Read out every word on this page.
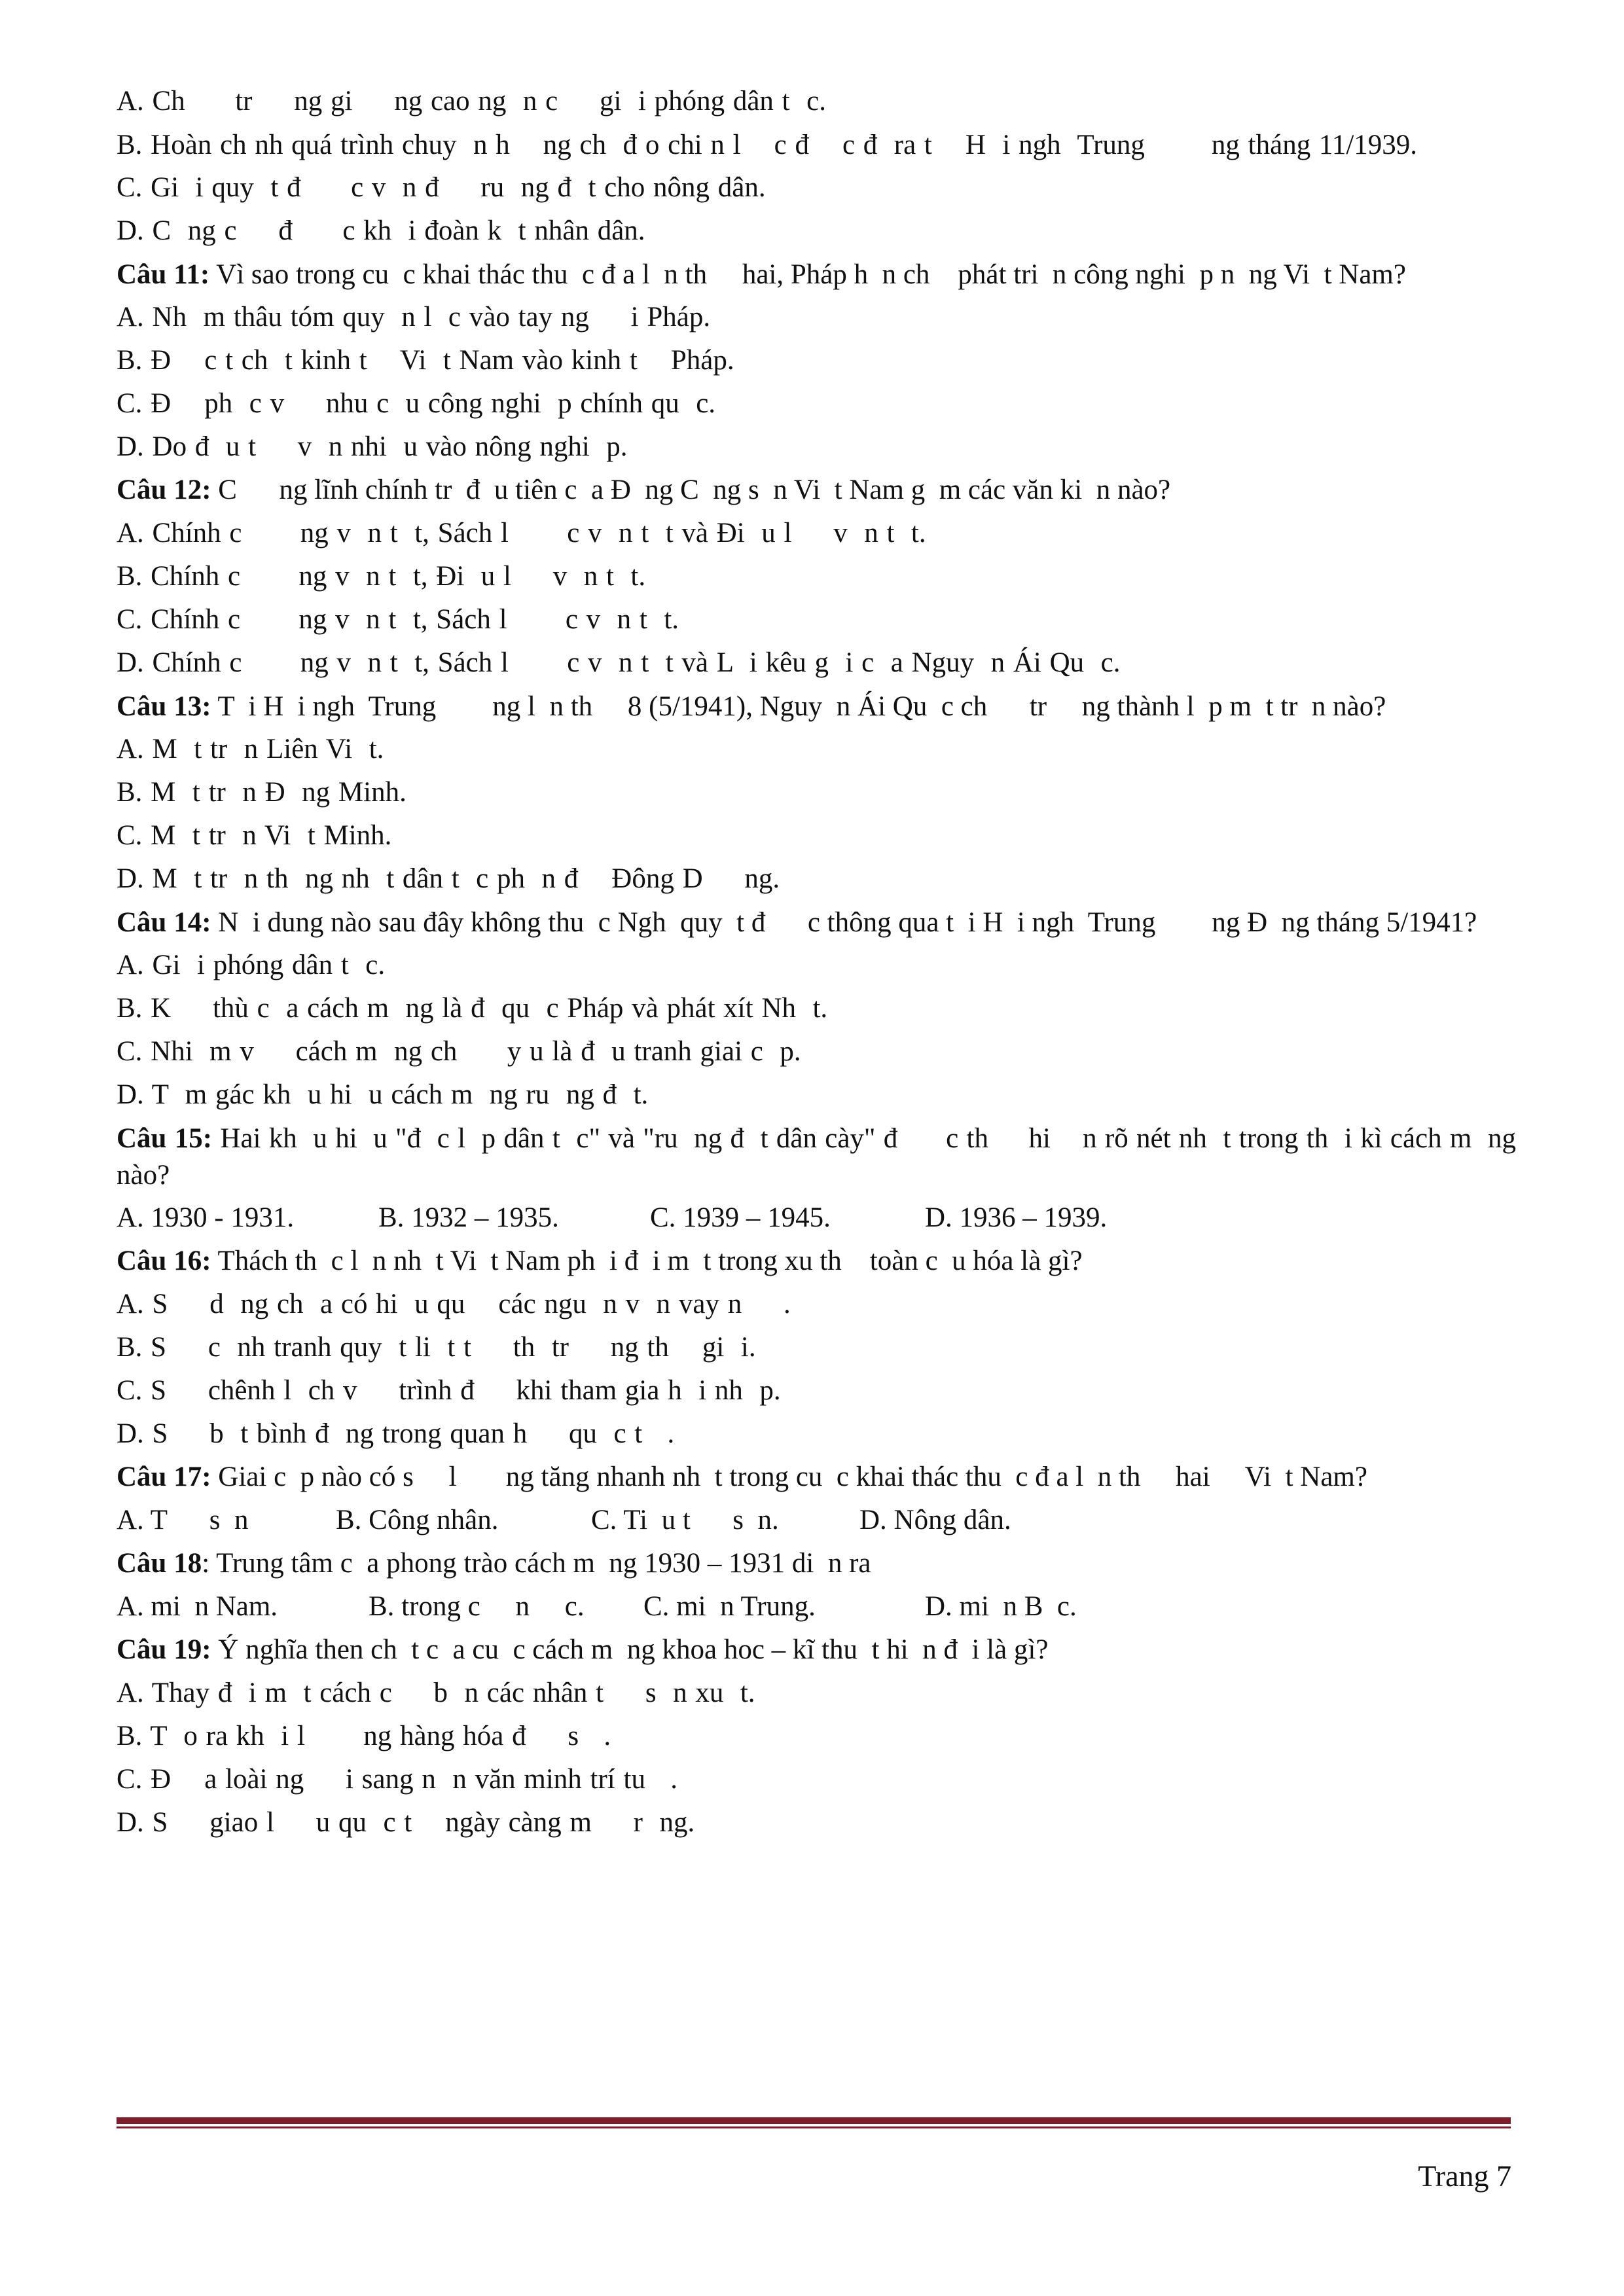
A. Ch      tr     ng gi     ng cao ng  n c     gi  i phóng dân t  c.
B. Hoàn ch nh quá trình chuy  n h    ng ch  đ o chi n l    c đ    c đ  ra t    H  i ngh  Trung        ng tháng 11/1939.
C. Gi  i quy  t đ      c v  n đ     ru  ng đ  t cho nông dân.
D. C  ng c     đ      c kh  i đoàn k  t nhân dân.
Câu 11: Vì sao trong cu  c khai thác thu  c đ a l  n th     hai, Pháp h  n ch    phát tri  n công nghi  p n  ng Vi  t Nam?
A. Nh  m thâu tóm quy  n l  c vào tay ng     i Pháp.
B. Đ    c t ch  t kinh t    Vi  t Nam vào kinh t    Pháp.
C. Đ    ph  c v     nhu c  u công nghi  p chính qu  c.
D. Do đ  u t     v  n nhi  u vào nông nghi  p.
Câu 12: C      ng lĩnh chính tr  đ  u tiên c  a Đ  ng C  ng s  n Vi  t Nam g  m các văn ki  n nào?
A. Chính c       ng v  n t  t, Sách l       c v  n t  t và Đi  u l     v  n t  t.
B. Chính c       ng v  n t  t, Đi  u l     v  n t  t.
C. Chính c       ng v  n t  t, Sách l       c v  n t  t.
D. Chính c       ng v  n t  t, Sách l       c v  n t  t và L  i kêu g  i c  a Nguy  n Ái Qu  c.
Câu 13: T  i H  i ngh  Trung        ng l  n th     8 (5/1941), Nguy  n Ái Qu  c ch      tr     ng thành l  p m  t tr  n nào?
A. M  t tr  n Liên Vi  t.
B. M  t tr  n Đ  ng Minh.
C. M  t tr  n Vi  t Minh.
D. M  t tr  n th  ng nh  t dân t  c ph  n đ    Đông D     ng.
Câu 14: N  i dung nào sau đây không thu  c Ngh  quy  t đ      c thông qua t  i H  i ngh  Trung        ng Đ  ng tháng 5/1941?
A. Gi  i phóng dân t  c.
B. K     thù c  a cách m  ng là đ  qu  c Pháp và phát xít Nh  t.
C. Nhi  m v     cách m  ng ch      y u là đ  u tranh giai c  p.
D. T  m gác kh  u hi  u cách m  ng ru  ng đ  t.
Câu 15: Hai kh  u hi  u "đ  c l  p dân t  c" và "ru  ng đ  t dân cày" đ      c th     hi    n rõ nét nh  t trong th  i kì cách m  ng nào?
A. 1930 - 1931.	B. 1932 – 1935.	C. 1939 – 1945.	D. 1936 – 1939.
Câu 16: Thách th  c l  n nh  t Vi  t Nam ph  i đ  i m  t trong xu th    toàn c  u hóa là gì?
A. S     d  ng ch  a có hi  u qu    các ngu  n v  n vay n     .
B. S     c  nh tranh quy  t li  t t     th  tr     ng th    gi  i.
C. S     chênh l  ch v     trình đ     khi tham gia h  i nh  p.
D. S     b  t bình đ  ng trong quan h     qu  c t   .
Câu 17: Giai c  p nào có s     l       ng tăng nhanh nh  t trong cu  c khai thác thu  c đ a l  n th     hai     Vi  t Nam?
A. T      s  n	B. Công nhân.	C. Ti  u t      s  n.	D. Nông dân.
Câu 18: Trung tâm c  a phong trào cách m  ng 1930 – 1931 di  n ra
A. mi  n Nam.	B. trong c     n     c.	C. mi  n Trung.	D. mi  n B  c.
Câu 19: Ý nghĩa then ch  t c  a cu  c cách m  ng khoa hoc – kĩ thu  t hi  n đ  i là gì?
A. Thay đ  i m  t cách c     b  n các nhân t     s  n xu  t.
B. T  o ra kh  i l       ng hàng hóa đ     s   .
C. Đ    a loài ng     i sang n  n văn minh trí tu   .
D. S     giao l     u qu  c t    ngày càng m     r  ng.
Trang 7
